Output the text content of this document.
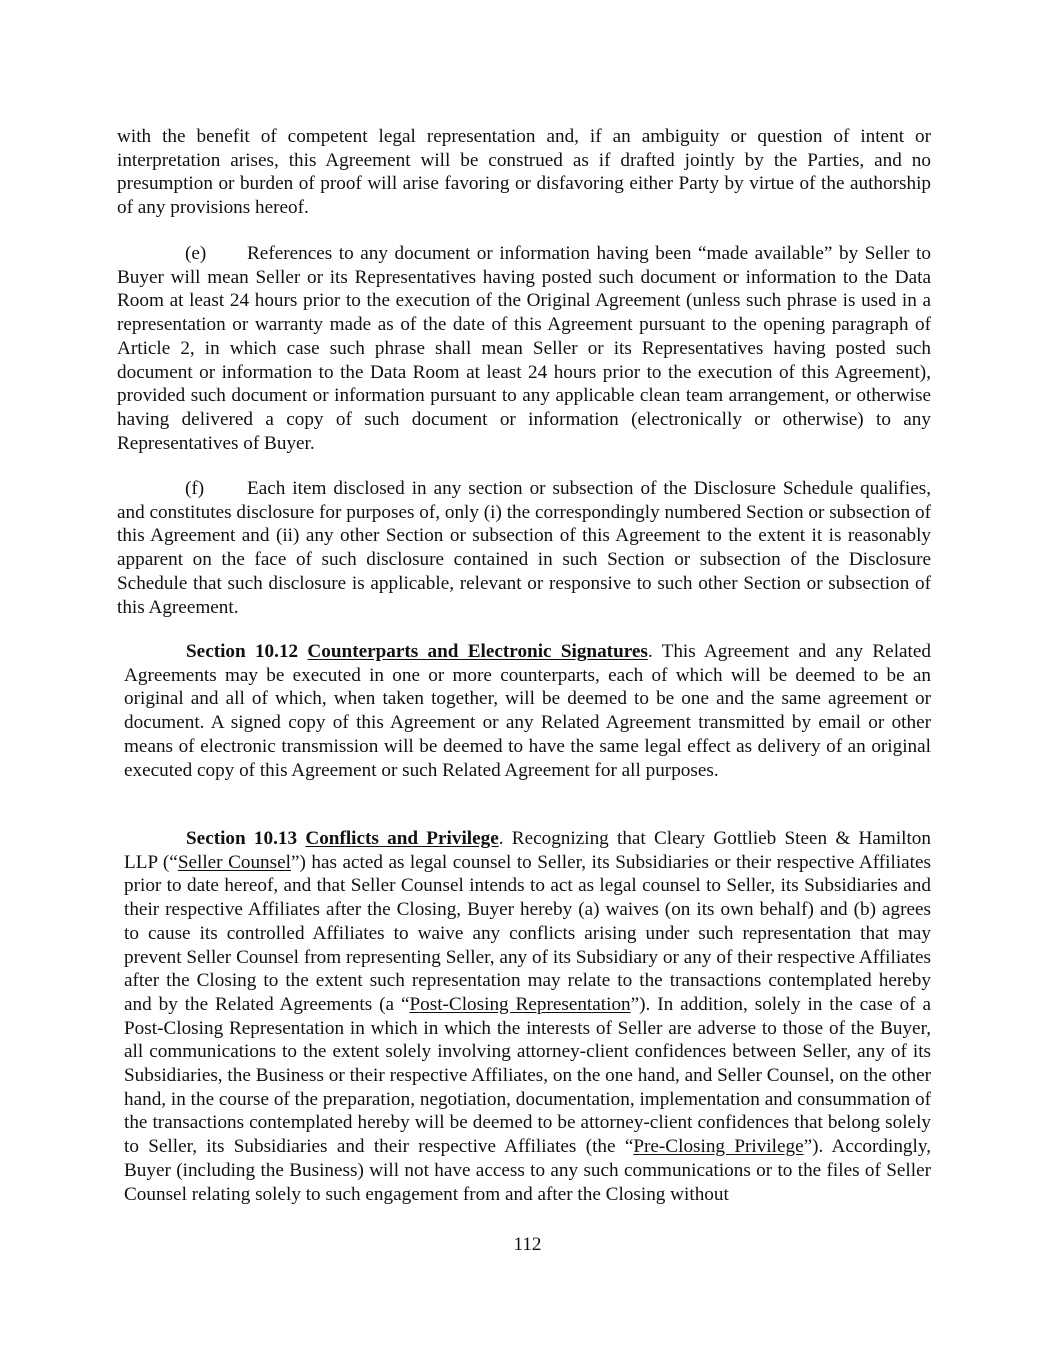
with the benefit of competent legal representation and, if an ambiguity or question of intent or interpretation arises, this Agreement will be construed as if drafted jointly by the Parties, and no presumption or burden of proof will arise favoring or disfavoring either Party by virtue of the authorship of any provisions hereof.

(e) References to any document or information having been “made available” by Seller to Buyer will mean Seller or its Representatives having posted such document or information to the Data Room at least 24 hours prior to the execution of the Original Agreement (unless such phrase is used in a representation or warranty made as of the date of this Agreement pursuant to the opening paragraph of Article 2, in which case such phrase shall mean Seller or its Representatives having posted such document or information to the Data Room at least 24 hours prior to the execution of this Agreement), provided such document or information pursuant to any applicable clean team arrangement, or otherwise having delivered a copy of such document or information (electronically or otherwise) to any Representatives of Buyer.

(f) Each item disclosed in any section or subsection of the Disclosure Schedule qualifies, and constitutes disclosure for purposes of, only (i) the correspondingly numbered Section or subsection of this Agreement and (ii) any other Section or subsection of this Agreement to the extent it is reasonably apparent on the face of such disclosure contained in such Section or subsection of the Disclosure Schedule that such disclosure is applicable, relevant or responsive to such other Section or subsection of this Agreement.

Section 10.12 Counterparts and Electronic Signatures. This Agreement and any Related Agreements may be executed in one or more counterparts, each of which will be deemed to be an original and all of which, when taken together, will be deemed to be one and the same agreement or document. A signed copy of this Agreement or any Related Agreement transmitted by email or other means of electronic transmission will be deemed to have the same legal effect as delivery of an original executed copy of this Agreement or such Related Agreement for all purposes.

Section 10.13 Conflicts and Privilege. Recognizing that Cleary Gottlieb Steen & Hamilton LLP (“Seller Counsel”) has acted as legal counsel to Seller, its Subsidiaries or their respective Affiliates prior to date hereof, and that Seller Counsel intends to act as legal counsel to Seller, its Subsidiaries and their respective Affiliates after the Closing, Buyer hereby (a) waives (on its own behalf) and (b) agrees to cause its controlled Affiliates to waive any conflicts arising under such representation that may prevent Seller Counsel from representing Seller, any of its Subsidiary or any of their respective Affiliates after the Closing to the extent such representation may relate to the transactions contemplated hereby and by the Related Agreements (a “Post-Closing Representation”). In addition, solely in the case of a Post-Closing Representation in which in which the interests of Seller are adverse to those of the Buyer, all communications to the extent solely involving attorney-client confidences between Seller, any of its Subsidiaries, the Business or their respective Affiliates, on the one hand, and Seller Counsel, on the other hand, in the course of the preparation, negotiation, documentation, implementation and consummation of the transactions contemplated hereby will be deemed to be attorney-client confidences that belong solely to Seller, its Subsidiaries and their respective Affiliates (the “Pre-Closing Privilege”). Accordingly, Buyer (including the Business) will not have access to any such communications or to the files of Seller Counsel relating solely to such engagement from and after the Closing without

112
